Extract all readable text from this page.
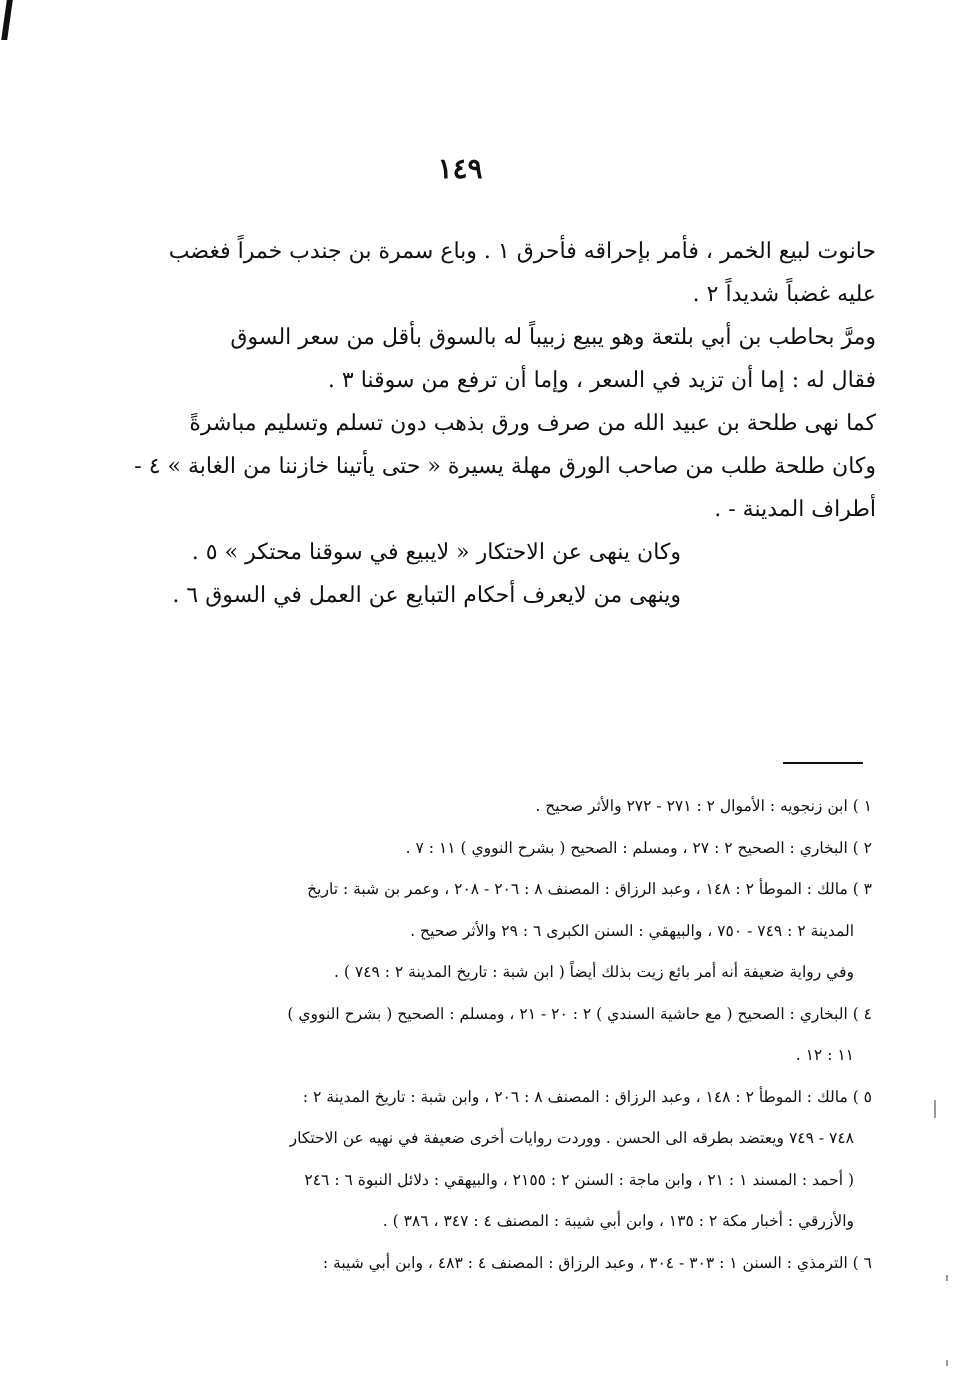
١٤٩

حانوت لبيع الخمر ، فأمر بإحراقه فأحرق ١ . وباع سمرة بن جندب خمراً فغضب

عليه غضباً شديداً ٢ .

ومرَّ بحاطب بن أبي بلتعة وهو يبيع زبيباً له بالسوق بأقل من سعر السوق

فقال له : إما أن تزيد في السعر ، وإما أن ترفع من سوقنا ٣ .

كما نهى طلحة بن عبيد الله من صرف ورق بذهب دون تسلم وتسليم مباشرةً

وكان طلحة طلب من صاحب الورق مهلة يسيرة « حتى يأتينا خازننا من الغابة » ٤ -

أطراف المدينة - .

وكان ينهى عن الاحتكار « لايبيع في سوقنا محتكر » ٥ .

وينهى من لايعرف أحكام التبايع عن العمل في السوق ٦ .

١ ) ابن زنجويه : الأموال ٢ : ٢٧١ - ٢٧٢ والأثر صحيح .

٢ ) البخاري : الصحيح ٢ : ٢٧ ، ومسلم : الصحيح ( بشرح النووي ) ١١ : ٧ .

٣ ) مالك : الموطأ ٢ : ١٤٨ ، وعبد الرزاق : المصنف ٨ : ٢٠٦ - ٢٠٨ ، وعمر بن شبة : تاريخ

المدينة ٢ : ٧٤٩ - ٧٥٠ ، والبيهقي : السنن الكبرى ٦ : ٢٩ والأثر صحيح .

وفي رواية ضعيفة أنه أمر بائع زيت بذلك أيضاً ( ابن شبة : تاريخ المدينة ٢ : ٧٤٩ ) .

٤ ) البخاري : الصحيح ( مع حاشية السندي ) ٢ : ٢٠ - ٢١ ، ومسلم : الصحيح ( بشرح النووي )

١١ : ١٢ .

٥ ) مالك : الموطأ ٢ : ١٤٨ ، وعبد الرزاق : المصنف ٨ : ٢٠٦ ، وابن شبة : تاريخ المدينة ٢ :

٧٤٨ - ٧٤٩ ويعتضد بطرقه الى الحسن . ووردت روايات أخرى ضعيفة في نهيه عن الاحتكار

( أحمد : المسند ١ : ٢١ ، وابن ماجة : السنن ٢ : ٢١٥٥ ، والبيهقي : دلائل النبوة ٦ : ٢٤٦

والأزرقي : أخبار مكة ٢ : ١٣٥ ، وابن أبي شيبة : المصنف ٤ : ٣٤٧ ، ٣٨٦ ) .

٦ ) الترمذي : السنن ١ : ٣٠٣ - ٣٠٤ ، وعبد الرزاق : المصنف ٤ : ٤٨٣ ، وابن أبي شيبة :
